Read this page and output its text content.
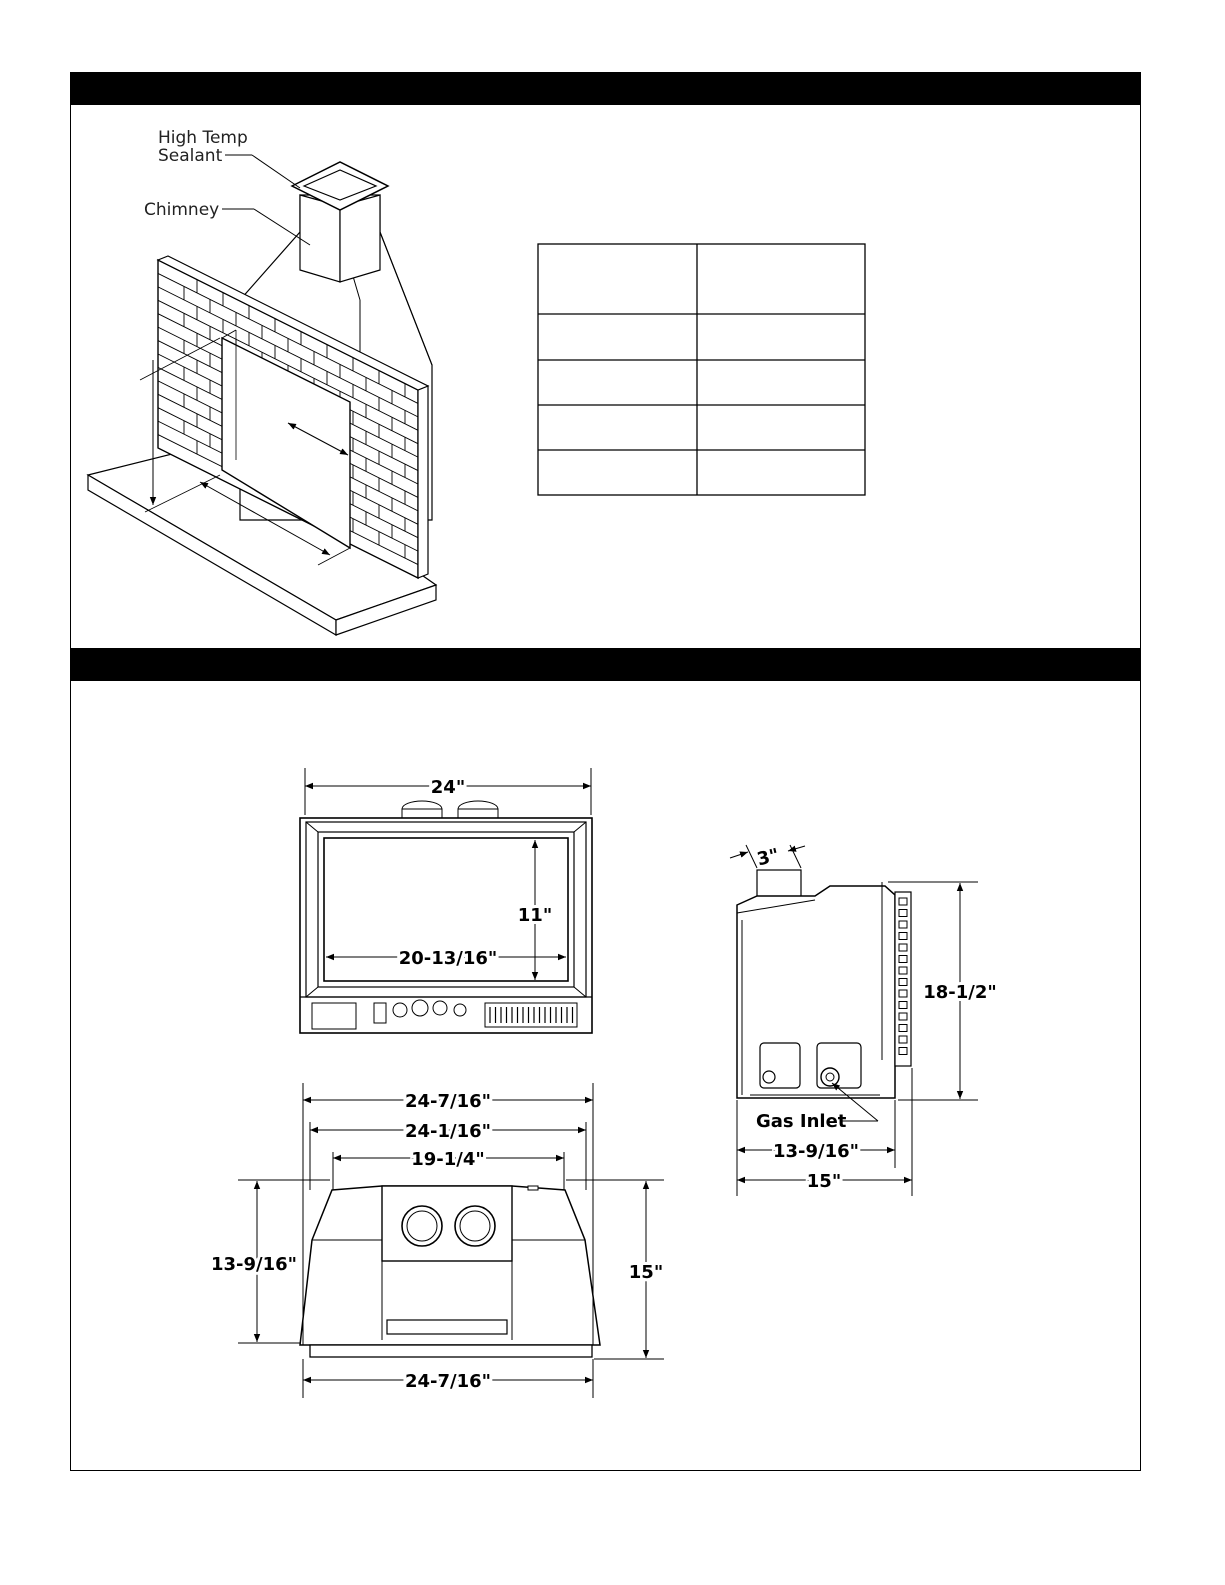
High Temp
Sealant
Chimney
24"
11"
20-13/16"
24-7/16"
24-1/16"
19-1/4"
13-9/16"	15"
24-7/16"
3"
18-1/2"
Gas Inlet
13-9/16"
15"
